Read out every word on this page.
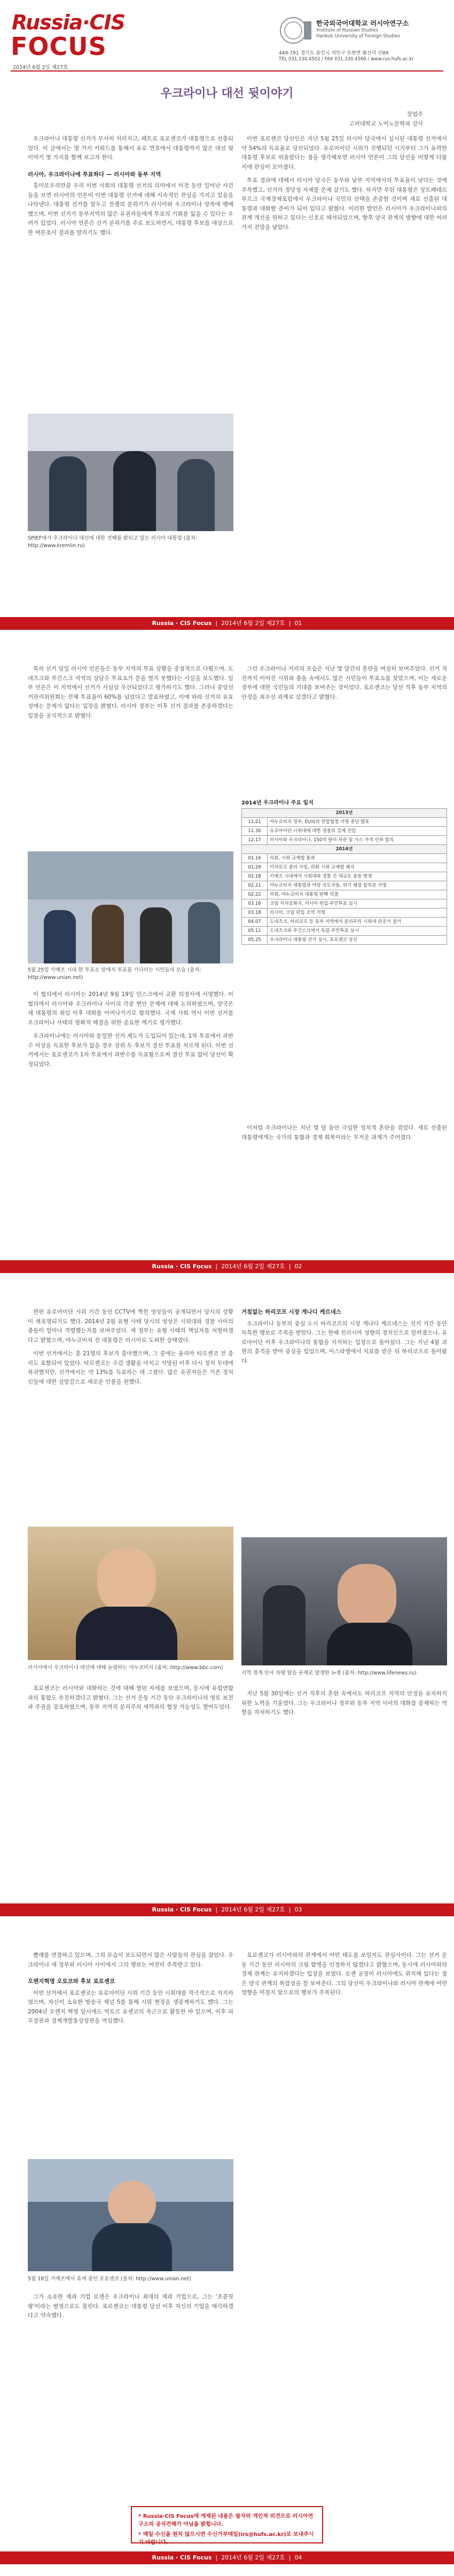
Russia·CIS
FOCUS
2014년 6월 2일 제27호
한국외국어대학교 러시아연구소
Institute of Russian Studies
Hankuk University of Foreign Studies
449-791 경기도 용인시 처인구 모현면 왕산리 산89
TEL 031.330.4502 / FAX 031.330.4560 / www.rus.hufs.ac.kr
우크라이나 대선 뒷이야기
장엽주
고려대학교 노어노문학과 강사

우크라이나 대통령 선거가 무사히 치러지고, 페트로 포로셴코가 대통령으로 선출되었다. 이 글에서는 몇 가지 키워드를 통해서 유로 면호에서 대통령까지 많은 대선 뒷이야기 몇 가지를 함께 보고자 한다.

러시아, 우크라이나에 투표하다 — 러시아와 동부 지역

흥미로우리만큼 우리 이번 사회의 대통령 선거의 의미에서 이것 동안 일어난 사건들을 보면 러시아의 언론이 이번 대통령 선거에 대해 지속적인 관심을 가지고 있음을 나타낸다. 대통령 선거를 앞두고 전쟁의 분위기가 러시아와 우크라이나 양측에 팽배했으며, 이번 선거가 동부지역의 많은 유권자들에게 투표의 기회를 잃을 수 있다는 우려가 있었다. 러시아 언론은 선거 분위기를 주로 보도하면서, 대통령 후보를 대상으로 한 여론조사 결과를 알리기도 했다.

SPIEF에서 우크라이나 대선에 대한 견해를 밝히고 있는 러시아 대통령 (출처: http://www.kremlin.ru)

이번 포로셴코 당선인은 지난 5월 25일 러시아 당국에서 실시된 대통령 선거에서 약 54%의 득표율로 당선되었다. 유로마이단 시위가 진행되던 시기부터 그가 유력한 대통령 후보로 떠올랐다는 점을 생각해보면 러시아 언론이 그의 당선을 어떻게 다룰지에 관심이 모아졌다.

투표 결과에 대해서 러시아 당국은 동부와 남부 지역에서의 투표율이 낮다는 것에 주목했고, 선거의 정당성 자체를 문제 삼기도 했다. 하지만 푸틴 대통령은 상트페테르부르크 국제경제포럼에서 우크라이나 국민의 선택을 존중할 것이며 새로 선출된 대통령과 대화할 준비가 되어 있다고 밝혔다. 이러한 발언은 러시아가 우크라이나와의 관계 개선을 원하고 있다는 신호로 해석되었으며, 향후 양국 관계의 방향에 대한 여러 가지 전망을 낳았다.

Russia · CIS Focus  |  2014년 6월 2일 제27호  |  01

특히 선거 당일 러시아 언론들은 동부 지역의 투표 상황을 중점적으로 다뤘으며, 도네츠크와 루간스크 지역의 상당수 투표소가 문을 열지 못했다는 사실을 보도했다. 일부 언론은 이 지역에서 선거가 사실상 무산되었다고 평가하기도 했다. 그러나 중앙선거관리위원회는 전체 투표율이 60%를 넘었다고 발표하였고, 이에 따라 선거의 유효성에는 문제가 없다는 입장을 밝혔다. 러시아 정부는 이후 선거 결과를 존중하겠다는 입장을 공식적으로 밝혔다.

5월 25일 키예프 시내 한 투표소 앞에서 투표를 기다리는 시민들의 모습 (출처: http://www.unian.net)

이 협의에서 러시아는 2014년 9월 19일 민스크에서 교환 의정서에 서명했다. 이 협의에서 러시아와 우크라이나 사이의 각종 현안 문제에 대해 논의하였으며, 양국은 새 대통령의 취임 이후 대화를 이어나가기로 합의했다. 국제 사회 역시 이번 선거를 우크라이나 사태의 평화적 해결을 위한 중요한 계기로 평가했다.

우크라이나에는 러시아와 동일한 선거 제도가 도입되어 있는데, 1차 투표에서 과반수 이상을 득표한 후보가 없을 경우 상위 두 후보가 결선 투표를 치르게 된다. 이번 선거에서는 포로셴코가 1차 투표에서 과반수를 득표함으로써 결선 투표 없이 당선이 확정되었다.

그런 우크라이나 거리의 모습은 지난 몇 달간의 혼란을 여실히 보여주었다. 선거 직전까지 이어진 시위와 충돌 속에서도 많은 시민들이 투표소를 찾았으며, 이는 새로운 정부에 대한 국민들의 기대를 보여주는 것이었다. 포로셴코는 당선 직후 동부 지역의 안정을 최우선 과제로 삼겠다고 밝혔다.

2014년 우크라이나 주요 일지
2013년	
11.21	야누코비치 정부, EU와의 연합협정 서명 중단 발표
11.30	유로마이단 시위대에 대한 경찰의 강제 진압
12.17	러시아와 우크라이나, 150억 달러 차관 및 가스 가격 인하 합의
2014년	
01.16	의회, 시위 규제법 통과
01.28	아자로프 총리 사임, 의회 시위 규제법 폐지
02.18	키예프 시내에서 시위대와 경찰 간 대규모 충돌 발생
02.21	야누코비치 대통령과 야당 지도자들, 위기 해결 합의문 서명
02.22	의회, 야누코비치 대통령 탄핵 의결
03.16	크림 자치공화국, 러시아 편입 주민투표 실시
03.18	러시아, 크림 편입 조약 서명
04.07	도네츠크, 하리코프 등 동부 지역에서 분리주의 시위대 관공서 점거
05.11	도네츠크와 루간스크에서 독립 주민투표 실시
05.25	우크라이나 대통령 선거 실시, 포로셴코 당선

이처럼 우크라이나는 지난 몇 달 동안 극심한 정치적 혼란을 겪었다. 새로 선출된 대통령에게는 국가의 통합과 경제 회복이라는 무거운 과제가 주어졌다.

Russia · CIS Focus  |  2014년 6월 2일 제27호  |  02

한편 유로마이단 시위 기간 동안 CCTV에 찍힌 영상들이 공개되면서 당시의 상황이 재조명되기도 했다. 2014년 2월 유혈 사태 당시의 영상은 시위대와 경찰 사이의 충돌이 얼마나 격렬했는지를 보여주었다. 새 정부는 유혈 사태의 책임자를 처벌하겠다고 밝혔으며, 야누코비치 전 대통령은 러시아로 도피한 상태였다.

이번 선거에서는 총 21명의 후보가 출마했으며, 그 중에는 율리아 티모셴코 전 총리도 포함되어 있었다. 티모셴코는 수감 생활을 마치고 석방된 이후 다시 정치 무대에 복귀했지만, 선거에서는 약 13%를 득표하는 데 그쳤다. 많은 유권자들은 기존 정치인들에 대한 실망감으로 새로운 인물을 원했다.

러시아에서 우크라이나 대선에 대해 논평하는 야누코비치 (출처: http://www.bbc.com)

포로셴코는 러시아와 대화하는 것에 대해 열린 자세를 보였으며, 동시에 유럽연합과의 통합도 추진하겠다고 밝혔다. 그는 선거 운동 기간 동안 우크라이나의 영토 보전과 주권을 강조하였으며, 동부 지역의 분리주의 세력과의 협상 가능성도 열어두었다.

거침없는 하리코프 시장 게나디 케르네스

우크라이나 동부의 중심 도시 하리코프의 시장 게나디 케르네스는 선거 기간 동안 독특한 행보로 주목을 받았다. 그는 한때 친러시아 성향의 정치인으로 알려졌으나, 유로마이단 이후 우크라이나의 통합을 지지하는 입장으로 돌아섰다. 그는 지난 4월 괴한의 총격을 받아 중상을 입었으며, 이스라엘에서 치료를 받은 뒤 하리코프로 돌아왔다.

지역 정계 인사 차량 탑승 문제로 발생한 논쟁 (출처: http://www.lifenews.ru)

지난 5월 30일에는 선거 직후의 혼란 속에서도 하리코프 지역의 안정을 유지하기 위한 노력을 기울였다. 그는 우크라이나 정부와 동부 지역 사이의 대화를 중재하는 역할을 자처하기도 했다.

Russia · CIS Focus  |  2014년 6월 2일 제27호  |  03

빨래를 연결하고 있으며, 그의 모습이 보도되면서 많은 사람들의 관심을 끌었다. 우크라이나 새 정부와 러시아 사이에서 그의 행보는 여전히 주목받고 있다.

오렌지혁명 오로코와 후보 포로셴코

이번 선거에서 포로셴코는 유로마이단 시위 기간 동안 시위대를 적극적으로 지지하였으며, 자신이 소유한 방송국 채널 5를 통해 시위 현장을 생중계하기도 했다. 그는 2004년 오렌지 혁명 당시에도 빅토르 유셴코의 측근으로 활동한 바 있으며, 이후 외무장관과 경제개발통상장관을 역임했다.

5월 18일 키예프에서 유세 중인 포로셴코 (출처: http://www.unian.net)

그가 소유한 제과 기업 로셴은 우크라이나 최대의 제과 기업으로, 그는 '초콜릿 왕'이라는 별명으로도 불린다. 포로셴코는 대통령 당선 이후 자신의 기업을 매각하겠다고 약속했다.

포로셴코가 러시아와의 관계에서 어떤 태도를 보일지도 관심사이다. 그는 선거 운동 기간 동안 러시아의 크림 합병을 인정하지 않겠다고 밝혔으며, 동시에 러시아와의 경제 관계는 유지하겠다는 입장을 보였다. 로셴 공장이 러시아에도 위치해 있다는 점은 양국 관계의 복잡성을 잘 보여준다. 그의 당선이 우크라이나와 러시아 관계에 어떤 영향을 미칠지 앞으로의 행보가 주목된다.

* Russia·CIS Focus에 게재된 내용은 필자의 개인적 의견으로 러시아연구소의 공식견해가 아님을 밝힙니다.
* 메일 수신을 원치 않으시면 수신거부메일(irs@hufs.ac.kr)로 보내주시기 바랍니다.
Russia · CIS Focus  |  2014년 6월 2일 제27호  |  04
